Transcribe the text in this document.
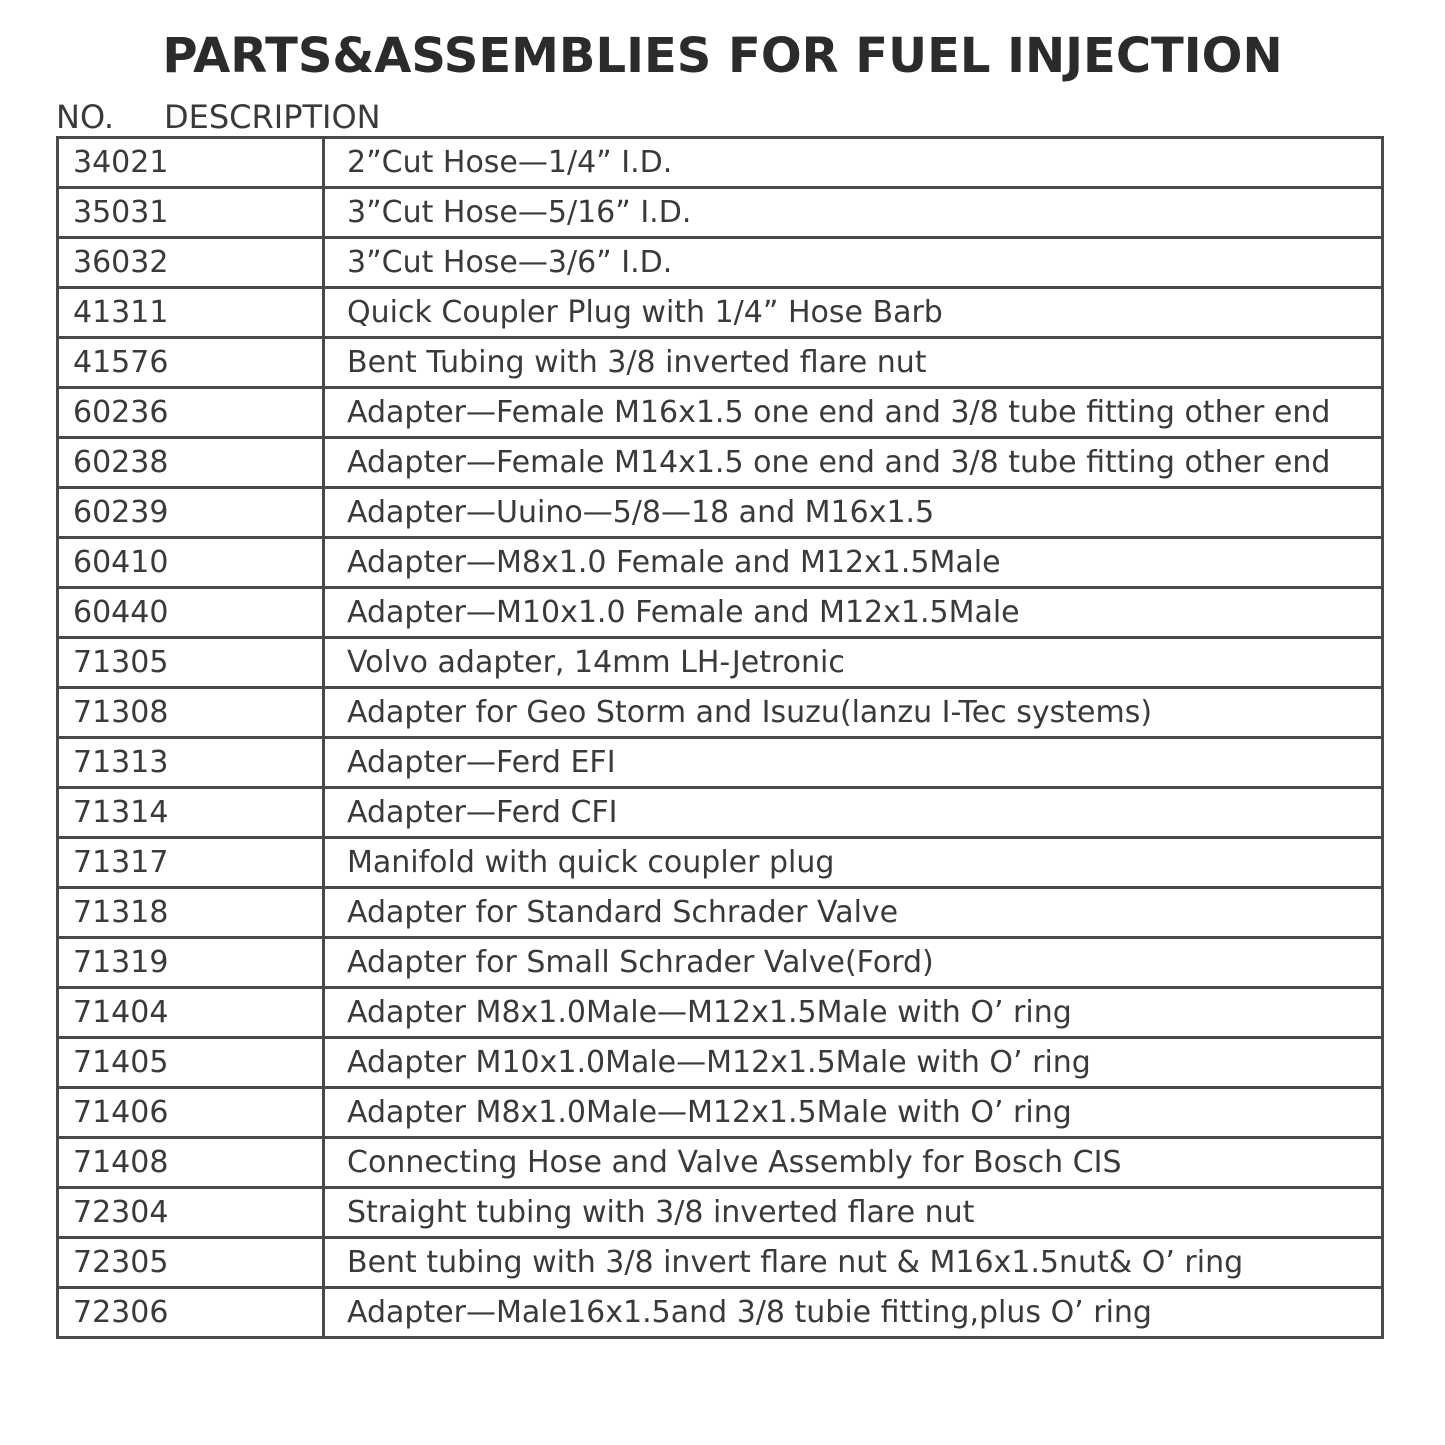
PARTS&ASSEMBLIES FOR FUEL INJECTION
NO. DESCRIPTION
34021	2”Cut Hose—1/4” I.D.
35031	3”Cut Hose—5/16” I.D.
36032	3”Cut Hose—3/6” I.D.
41311	Quick Coupler Plug with 1/4” Hose Barb
41576	Bent Tubing with 3/8 inverted flare nut
60236	Adapter—Female M16x1.5 one end and 3/8 tube fitting other end
60238	Adapter—Female M14x1.5 one end and 3/8 tube fitting other end
60239	Adapter—Uuino—5/8—18 and M16x1.5
60410	Adapter—M8x1.0 Female and M12x1.5Male
60440	Adapter—M10x1.0 Female and M12x1.5Male
71305	Volvo adapter, 14mm LH-Jetronic
71308	Adapter for Geo Storm and Isuzu(lanzu I-Tec systems)
71313	Adapter—Ferd EFI
71314	Adapter—Ferd CFI
71317	Manifold with quick coupler plug
71318	Adapter for Standard Schrader Valve
71319	Adapter for Small Schrader Valve(Ford)
71404	Adapter M8x1.0Male—M12x1.5Male with O’ ring
71405	Adapter M10x1.0Male—M12x1.5Male with O’ ring
71406	Adapter M8x1.0Male—M12x1.5Male with O’ ring
71408	Connecting Hose and Valve Assembly for Bosch CIS
72304	Straight tubing with 3/8 inverted flare nut
72305	Bent tubing with 3/8 invert flare nut & M16x1.5nut& O’ ring
72306	Adapter—Male16x1.5and 3/8 tubie fitting,plus O’ ring
